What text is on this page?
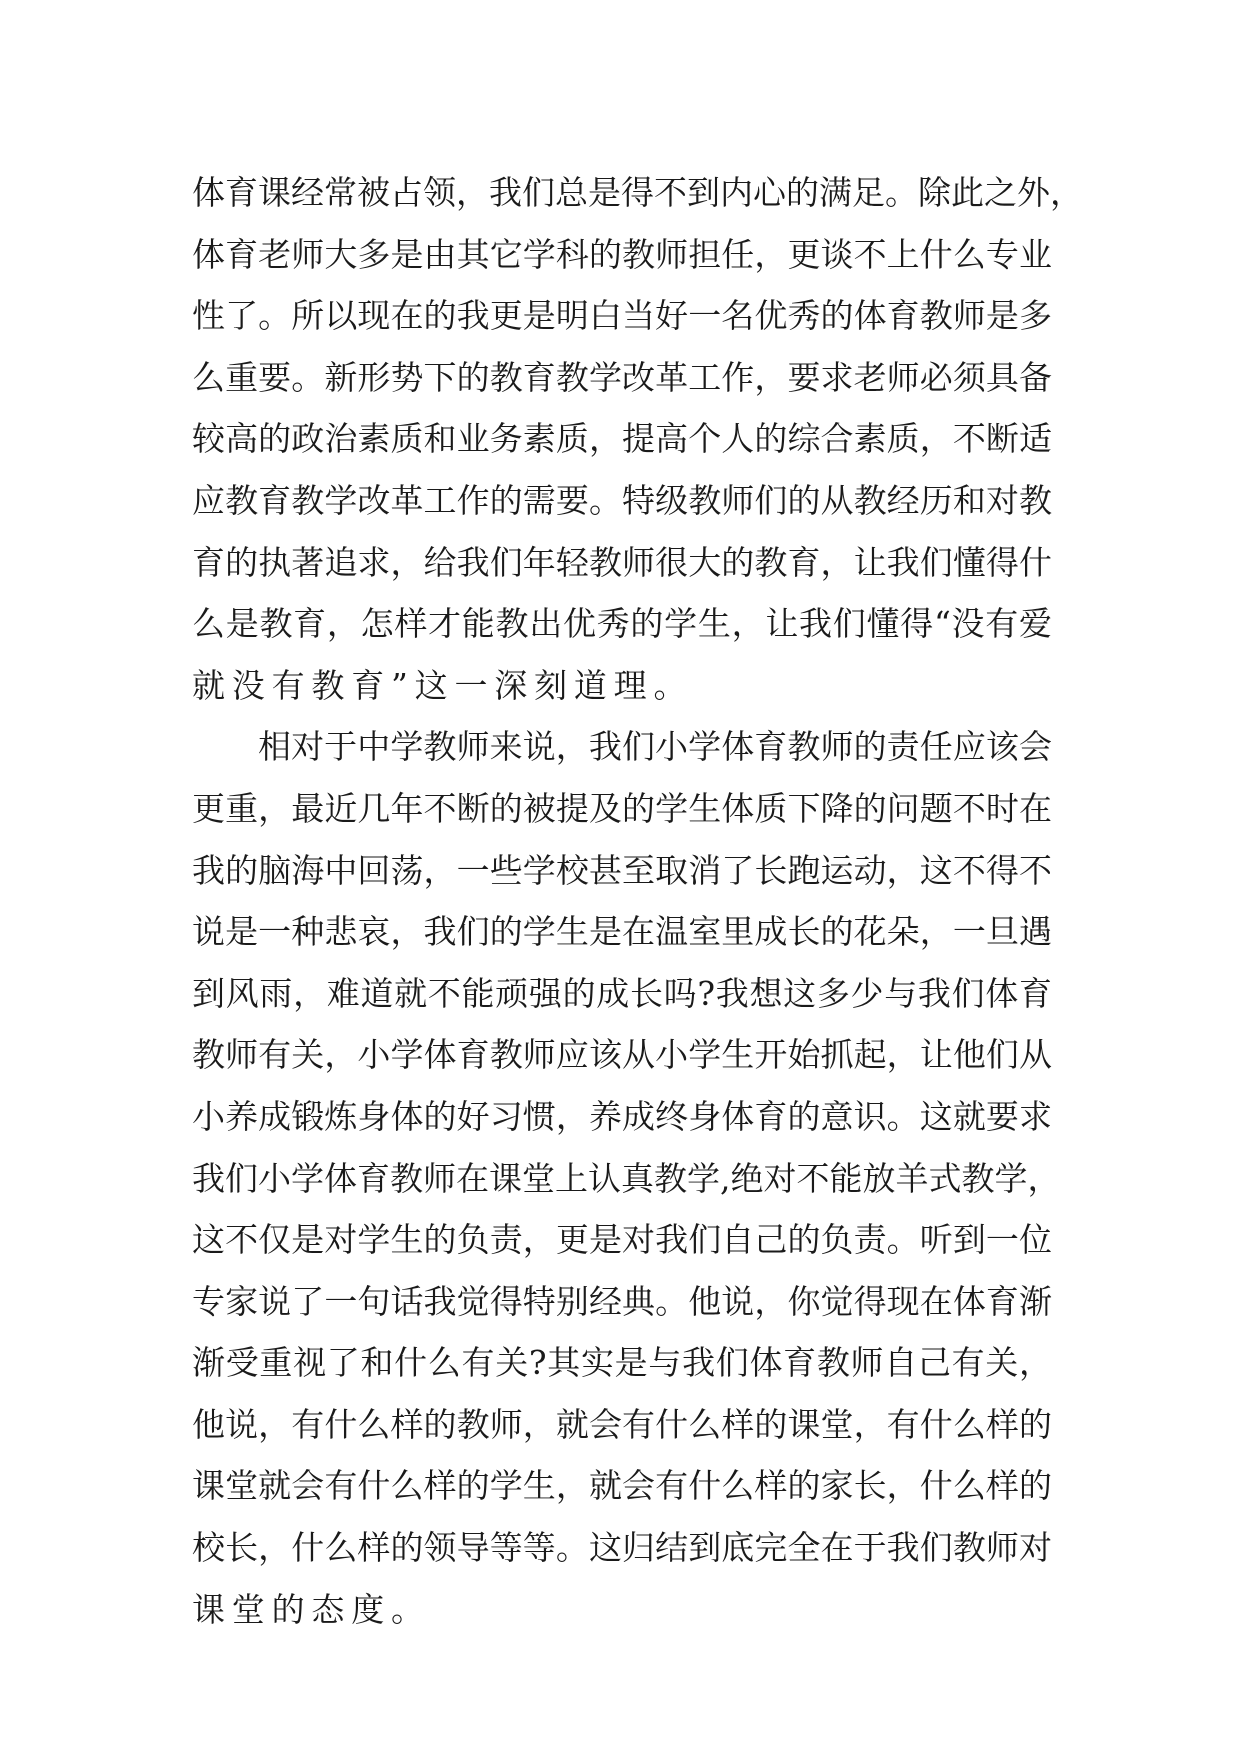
体育课经常被占领，我们总是得不到内心的满足。除此之外，
体育老师大多是由其它学科的教师担任，更谈不上什么专业
性了。所以现在的我更是明白当好一名优秀的体育教师是多
么重要。新形势下的教育教学改革工作，要求老师必须具备
较高的政治素质和业务素质，提高个人的综合素质，不断适
应教育教学改革工作的需要。特级教师们的从教经历和对教
育的执著追求，给我们年轻教师很大的教育，让我们懂得什
么是教育，怎样才能教出优秀的学生，让我们懂得“没有爱
就没有教育”这一深刻道理。
相对于中学教师来说，我们小学体育教师的责任应该会
更重，最近几年不断的被提及的学生体质下降的问题不时在
我的脑海中回荡，一些学校甚至取消了长跑运动，这不得不
说是一种悲哀，我们的学生是在温室里成长的花朵，一旦遇
到风雨，难道就不能顽强的成长吗?我想这多少与我们体育
教师有关，小学体育教师应该从小学生开始抓起，让他们从
小养成锻炼身体的好习惯，养成终身体育的意识。这就要求
我们小学体育教师在课堂上认真教学,绝对不能放羊式教学，
这不仅是对学生的负责，更是对我们自己的负责。听到一位
专家说了一句话我觉得特别经典。他说，你觉得现在体育渐
渐受重视了和什么有关?其实是与我们体育教师自己有关，
他说，有什么样的教师，就会有什么样的课堂，有什么样的
课堂就会有什么样的学生，就会有什么样的家长，什么样的
校长，什么样的领导等等。这归结到底完全在于我们教师对
课堂的态度。
